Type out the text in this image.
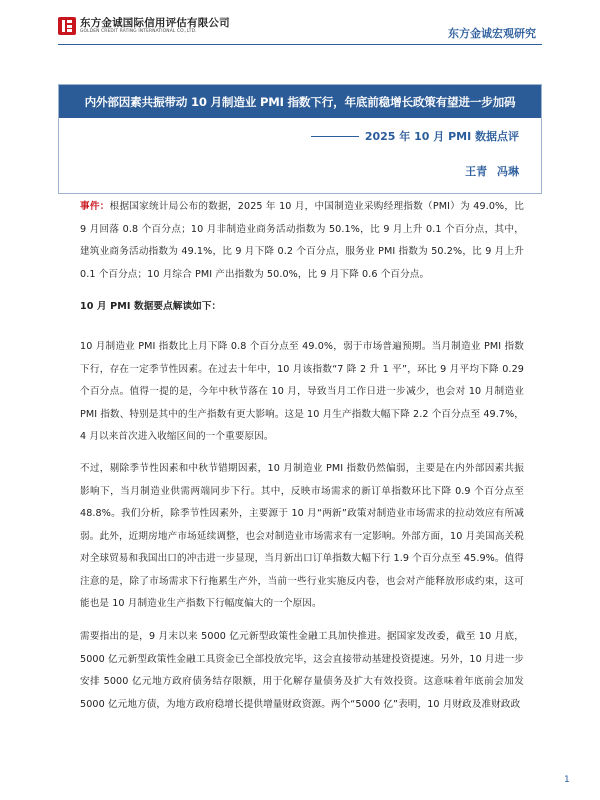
东方金诚国际信用评估有限公司
GOLDEN CREDIT RATING INTERNATIONAL CO.,LTD.	东方金诚宏观研究
内外部因素共振带动 10 月制造业 PMI 指数下行，年底前稳增长政策有望进一步加码
2025 年 10 月 PMI 数据点评
王青 冯琳
事件：根据国家统计局公布的数据，2025 年 10 月，中国制造业采购经理指数（PMI）为 49.0%，比 9 月回落 0.8 个百分点；10 月非制造业商务活动指数为 50.1%，比 9 月上升 0.1 个百分点，其中，建筑业商务活动指数为 49.1%，比 9 月下降 0.2 个百分点，服务业 PMI 指数为 50.2%，比 9 月上升 0.1 个百分点；10 月综合 PMI 产出指数为 50.0%，比 9 月下降 0.6 个百分点。
10 月 PMI 数据要点解读如下：
10 月制造业 PMI 指数比上月下降 0.8 个百分点至 49.0%，弱于市场普遍预期。当月制造业 PMI 指数下行，存在一定季节性因素。在过去十年中，10 月该指数“7 降 2 升 1 平”，环比 9 月平均下降 0.29 个百分点。值得一提的是，今年中秋节落在 10 月，导致当月工作日进一步减少，也会对 10 月制造业 PMI 指数、特别是其中的生产指数有更大影响。这是 10 月生产指数大幅下降 2.2 个百分点至 49.7%，4 月以来首次进入收缩区间的一个重要原因。
不过，剔除季节性因素和中秋节错期因素，10 月制造业 PMI 指数仍然偏弱，主要是在内外部因素共振影响下，当月制造业供需两端同步下行。其中，反映市场需求的新订单指数环比下降 0.9 个百分点至 48.8%。我们分析，除季节性因素外，主要源于 10 月“两新”政策对制造业市场需求的拉动效应有所减弱。此外，近期房地产市场延续调整，也会对制造业市场需求有一定影响。外部方面，10 月美国高关税对全球贸易和我国出口的冲击进一步显现，当月新出口订单指数大幅下行 1.9 个百分点至 45.9%。值得注意的是，除了市场需求下行拖累生产外，当前一些行业实施反内卷，也会对产能释放形成约束，这可能也是 10 月制造业生产指数下行幅度偏大的一个原因。
需要指出的是，9 月末以来 5000 亿元新型政策性金融工具加快推进。据国家发改委，截至 10 月底，5000 亿元新型政策性金融工具资金已全部投放完毕，这会直接带动基建投资提速。另外，10 月进一步安排 5000 亿元地方政府债务结存限额，用于化解存量债务及扩大有效投资。这意味着年底前会加发 5000 亿元地方债，为地方政府稳增长提供增量财政资源。两个“5000 亿”表明，10 月财政及准财政政
1
